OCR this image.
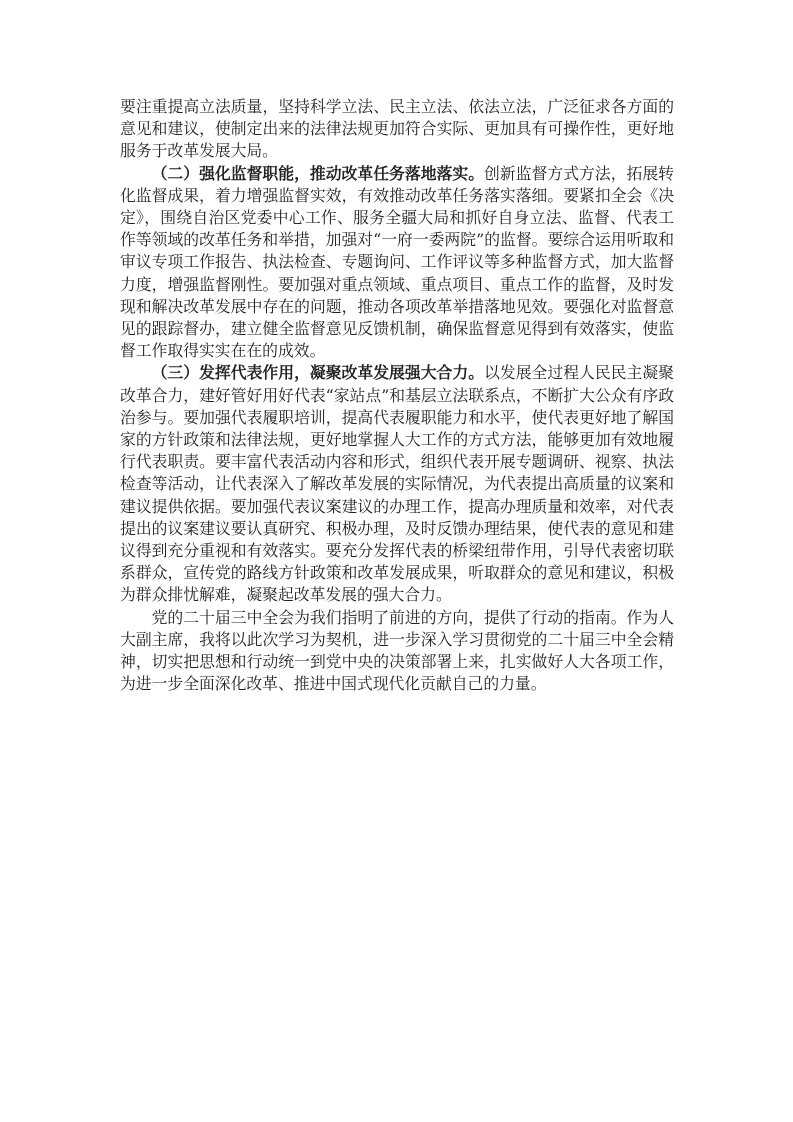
要注重提高立法质量，坚持科学立法、民主立法、依法立法，广泛征求各方面的意见和建议，使制定出来的法律法规更加符合实际、更加具有可操作性，更好地服务于改革发展大局。

（二）强化监督职能，推动改革任务落地落实。创新监督方式方法，拓展转化监督成果，着力增强监督实效，有效推动改革任务落实落细。要紧扣全会《决定》，围绕自治区党委中心工作、服务全疆大局和抓好自身立法、监督、代表工作等领域的改革任务和举措，加强对“一府一委两院”的监督。要综合运用听取和审议专项工作报告、执法检查、专题询问、工作评议等多种监督方式，加大监督力度，增强监督刚性。要加强对重点领域、重点项目、重点工作的监督，及时发现和解决改革发展中存在的问题，推动各项改革举措落地见效。要强化对监督意见的跟踪督办，建立健全监督意见反馈机制，确保监督意见得到有效落实，使监督工作取得实实在在的成效。

（三）发挥代表作用，凝聚改革发展强大合力。以发展全过程人民民主凝聚改革合力，建好管好用好代表“家站点”和基层立法联系点，不断扩大公众有序政治参与。要加强代表履职培训，提高代表履职能力和水平，使代表更好地了解国家的方针政策和法律法规，更好地掌握人大工作的方式方法，能够更加有效地履行代表职责。要丰富代表活动内容和形式，组织代表开展专题调研、视察、执法检查等活动，让代表深入了解改革发展的实际情况，为代表提出高质量的议案和建议提供依据。要加强代表议案建议的办理工作，提高办理质量和效率，对代表提出的议案建议要认真研究、积极办理，及时反馈办理结果，使代表的意见和建议得到充分重视和有效落实。要充分发挥代表的桥梁纽带作用，引导代表密切联系群众，宣传党的路线方针政策和改革发展成果，听取群众的意见和建议，积极为群众排忧解难，凝聚起改革发展的强大合力。

党的二十届三中全会为我们指明了前进的方向，提供了行动的指南。作为人大副主席，我将以此次学习为契机，进一步深入学习贯彻党的二十届三中全会精神，切实把思想和行动统一到党中央的决策部署上来，扎实做好人大各项工作，为进一步全面深化改革、推进中国式现代化贡献自己的力量。
